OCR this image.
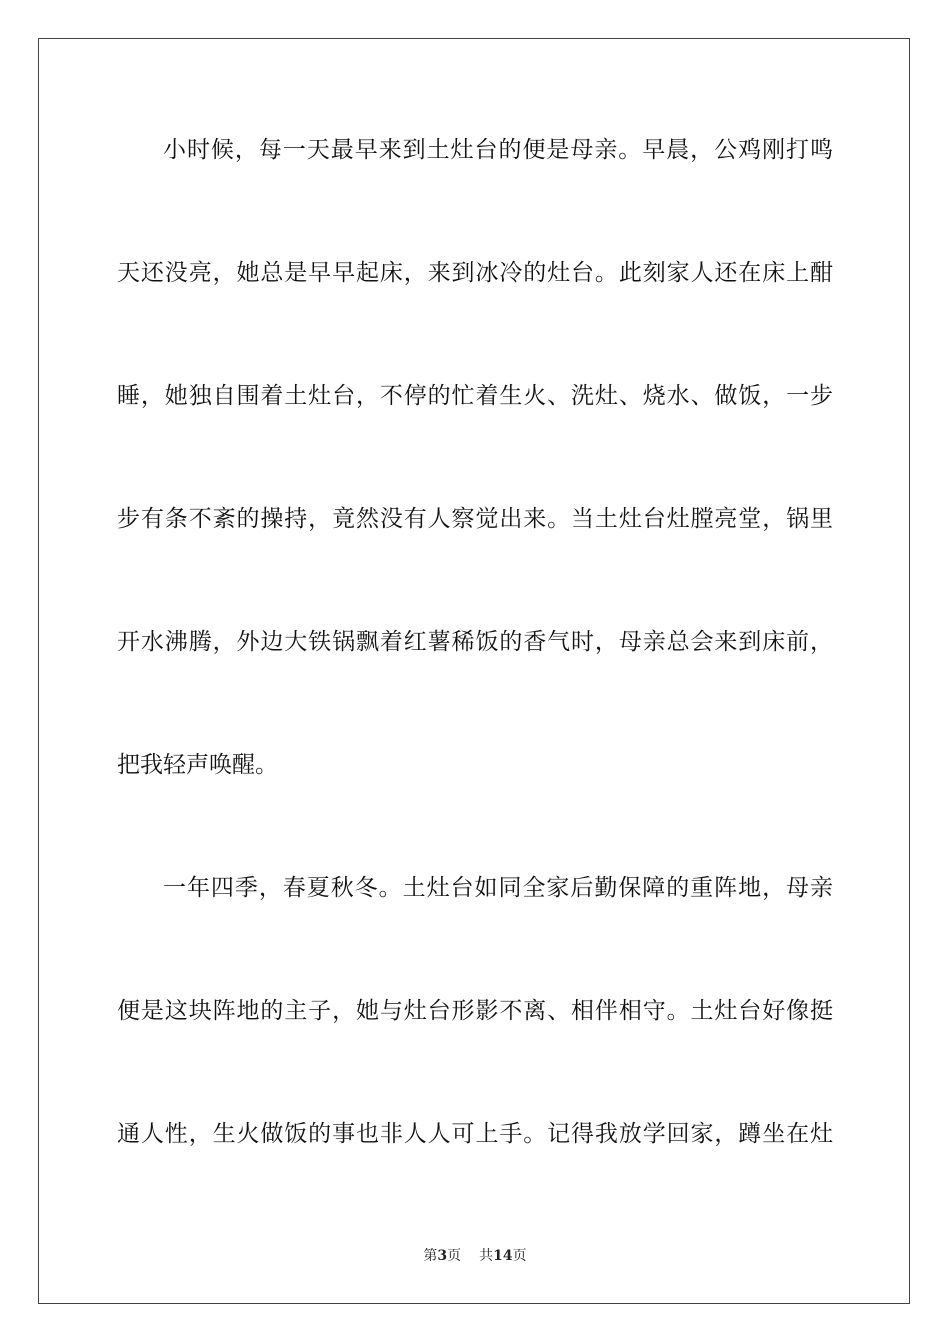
小时候，每一天最早来到土灶台的便是母亲。早晨，公鸡刚打鸣
天还没亮，她总是早早起床，来到冰冷的灶台。此刻家人还在床上酣
睡，她独自围着土灶台，不停的忙着生火、洗灶、烧水、做饭，一步
步有条不紊的操持，竟然没有人察觉出来。当土灶台灶膛亮堂，锅里
开水沸腾，外边大铁锅飘着红薯稀饭的香气时，母亲总会来到床前，
把我轻声唤醒。
一年四季，春夏秋冬。土灶台如同全家后勤保障的重阵地，母亲
便是这块阵地的主子，她与灶台形影不离、相伴相守。土灶台好像挺
通人性，生火做饭的事也非人人可上手。记得我放学回家，蹲坐在灶
第3页 共14页
